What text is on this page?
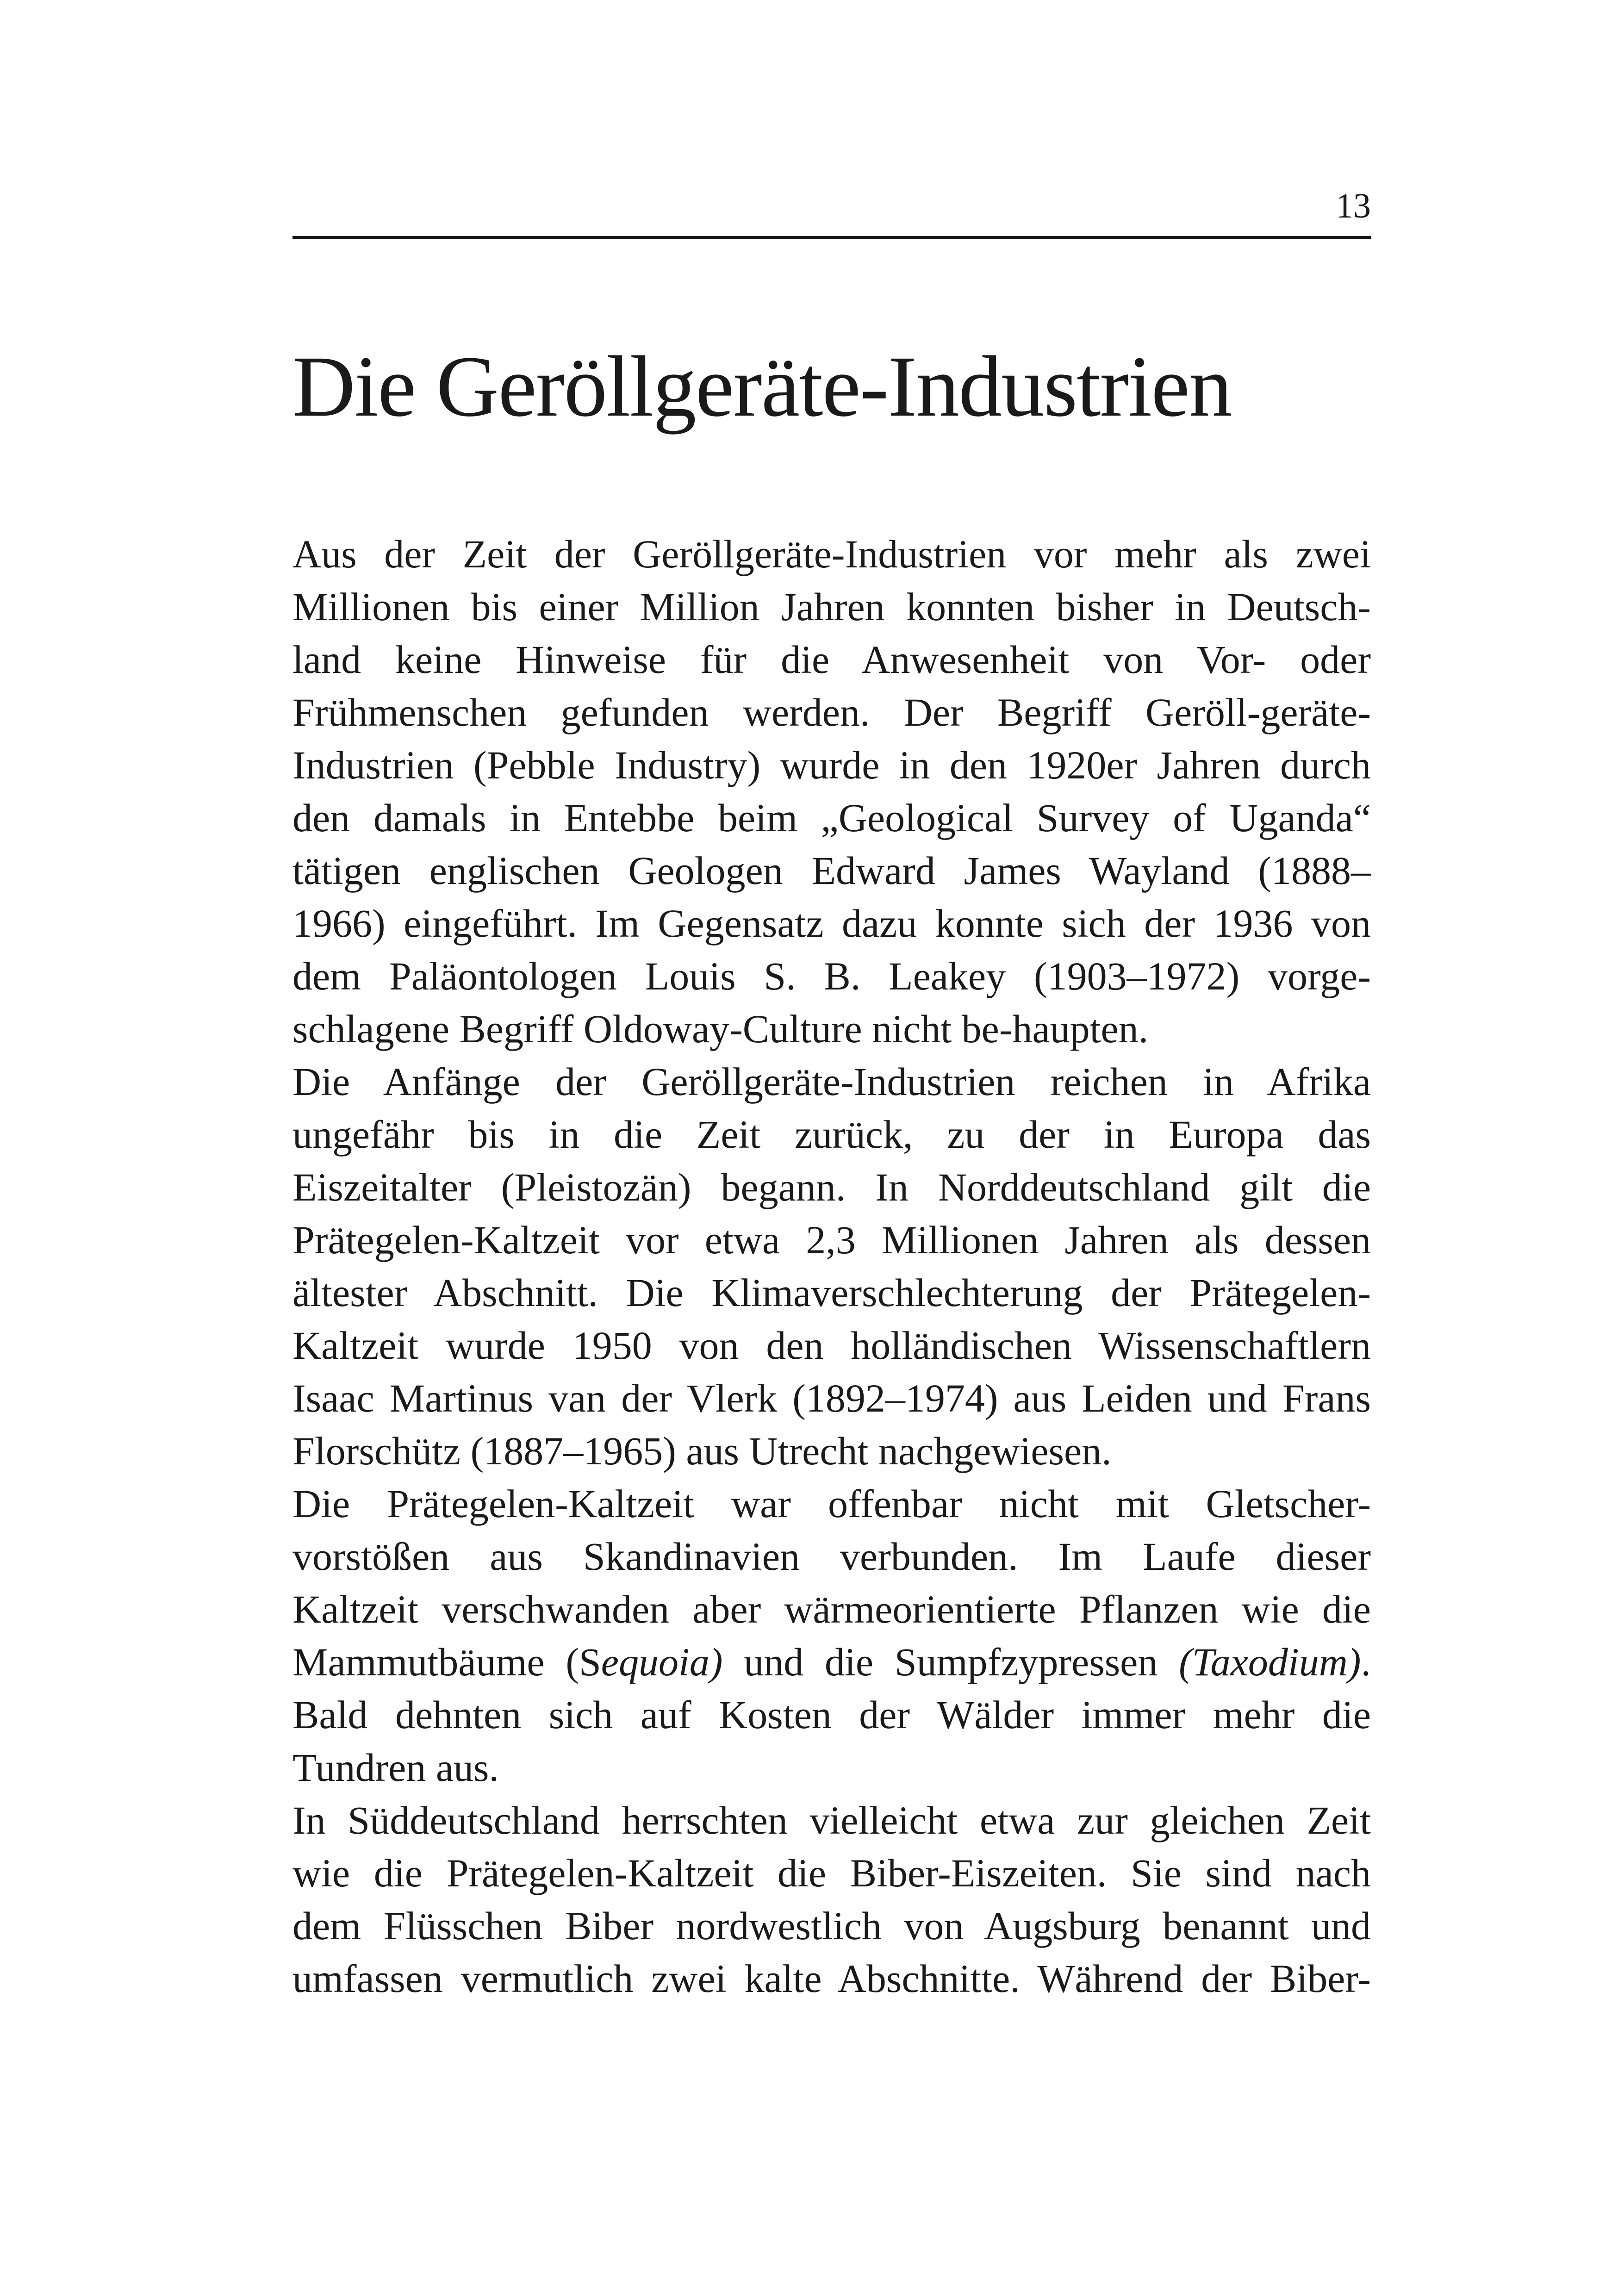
13
Die Geröllgeräte-Industrien

Aus der Zeit der Geröllgeräte-Industrien vor mehr als zwei
Millionen bis einer Million Jahren konnten bisher in Deutsch-
land keine Hinweise für die Anwesenheit von Vor- oder
Frühmenschen gefunden werden. Der Begriff Geröll-geräte-
Industrien (Pebble Industry) wurde in den 1920er Jahren durch
den damals in Entebbe beim „Geological Survey of Uganda“
tätigen englischen Geologen Edward James Wayland (1888–
1966) eingeführt. Im Gegensatz dazu konnte sich der 1936 von
dem Paläontologen Louis S. B. Leakey (1903–1972) vorge-
schlagene Begriff Oldoway-Culture nicht be-haupten.

Die Anfänge der Geröllgeräte-Industrien reichen in Afrika
ungefähr bis in die Zeit zurück, zu der in Europa das
Eiszeitalter (Pleistozän) begann. In Norddeutschland gilt die
Prätegelen-Kaltzeit vor etwa 2,3 Millionen Jahren als dessen
ältester Abschnitt. Die Klimaverschlechterung der Prätegelen-
Kaltzeit wurde 1950 von den holländischen Wissenschaftlern
Isaac Martinus van der Vlerk (1892–1974) aus Leiden und Frans
Florschütz (1887–1965) aus Utrecht nachgewiesen.

Die Prätegelen-Kaltzeit war offenbar nicht mit Gletscher-
vorstößen aus Skandinavien verbunden. Im Laufe dieser
Kaltzeit verschwanden aber wärmeorientierte Pflanzen wie die
Mammutbäume (Sequoia) und die Sumpfzypressen (Taxodium).
Bald dehnten sich auf Kosten der Wälder immer mehr die
Tundren aus.

In Süddeutschland herrschten vielleicht etwa zur gleichen Zeit
wie die Prätegelen-Kaltzeit die Biber-Eiszeiten. Sie sind nach
dem Flüsschen Biber nordwestlich von Augsburg benannt und
umfassen vermutlich zwei kalte Abschnitte. Während der Biber-
